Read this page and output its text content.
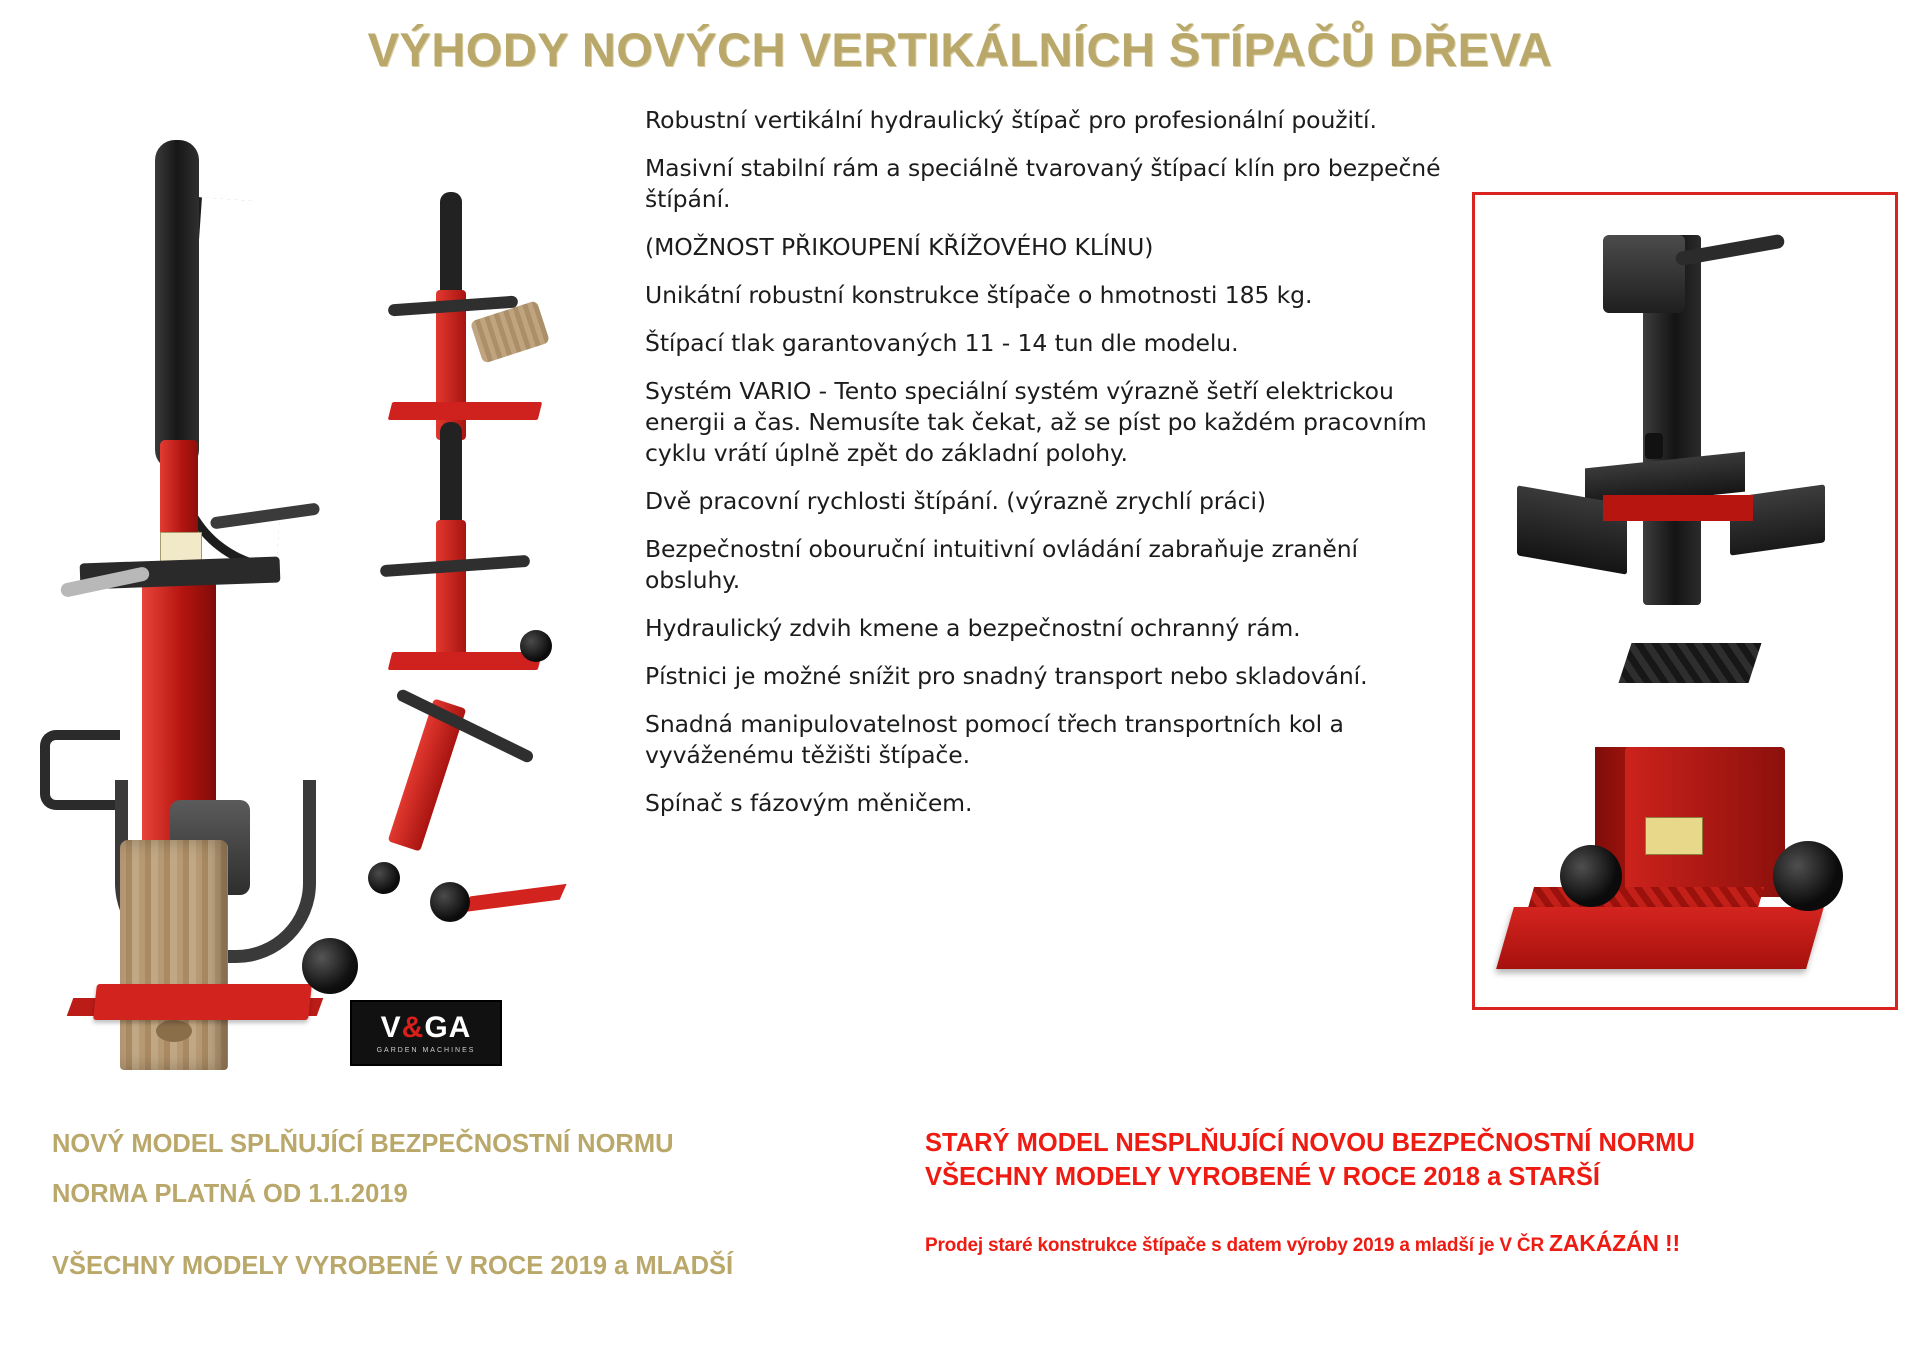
VÝHODY NOVÝCH VERTIKÁLNÍCH ŠTÍPAČŮ DŘEVA
V&GA
GARDEN MACHINES
Robustní vertikální hydraulický štípač pro profesionální použití.
Masivní stabilní rám a speciálně tvarovaný štípací klín pro bezpečné štípání.
(MOŽNOST PŘIKOUPENÍ KŘÍŽOVÉHO KLÍNU)
Unikátní robustní konstrukce štípače o hmotnosti 185 kg.
Štípací tlak garantovaných 11 - 14 tun dle modelu.
Systém VARIO - Tento speciální systém výrazně šetří elektrickou energii a čas. Nemusíte tak čekat, až se píst po každém pracovním cyklu vrátí úplně zpět do základní polohy.
Dvě pracovní rychlosti štípání. (výrazně zrychlí práci)
Bezpečnostní obouruční intuitivní ovládání zabraňuje zranění obsluhy.
Hydraulický zdvih kmene a bezpečnostní ochranný rám.
Pístnici je možné snížit pro snadný transport nebo skladování.
Snadná manipulovatelnost pomocí třech transportních kol a vyváženému těžišti štípače.
Spínač s fázovým měničem.
NOVÝ MODEL SPLŇUJÍCÍ BEZPEČNOSTNÍ NORMU
NORMA PLATNÁ OD 1.1.2019
VŠECHNY MODELY VYROBENÉ V ROCE 2019 a MLADŠÍ
STARÝ MODEL NESPLŇUJÍCÍ NOVOU BEZPEČNOSTNÍ NORMU
VŠECHNY MODELY VYROBENÉ V ROCE 2018 a STARŠÍ
Prodej staré konstrukce štípače s datem výroby 2019 a mladší je V ČR ZAKÁZÁN !!
